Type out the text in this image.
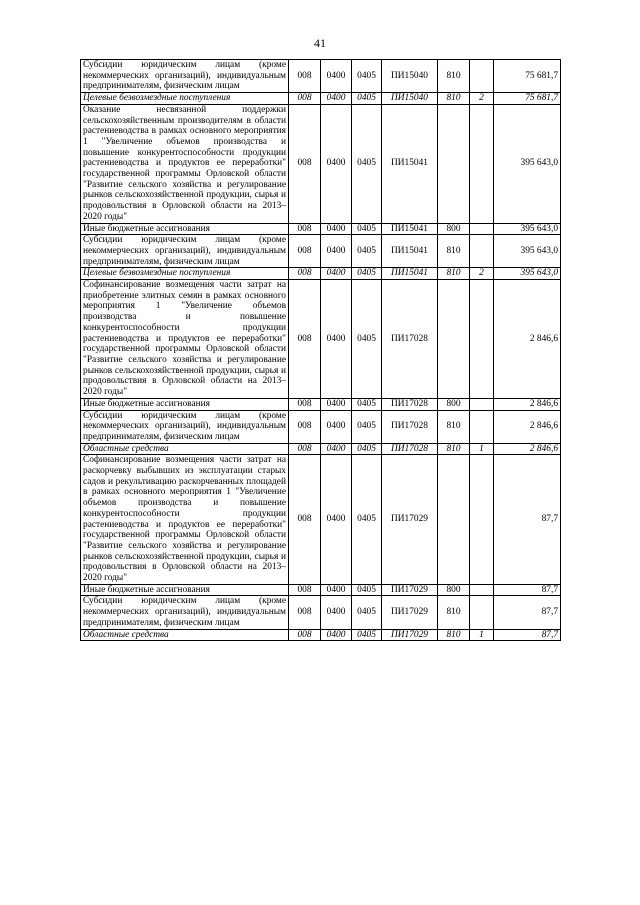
41
Субсидии юридическим лицам (кроме некоммерческих организаций), индивидуальным предпринимателям, физическим лицам	008	0400	0405	ПИ15040	810		75 681,7
Целевые безвозмездные поступления	008	0400	0405	ПИ15040	810	2	75 681,7
Оказание несвязанной поддержки сельскохозяйственным производителям в области растениеводства в рамках основного мероприятия 1 "Увеличение объемов производства и повышение конкурентоспособности продукции растениеводства и продуктов ее переработки" государственной программы Орловской области "Развитие сельского хозяйства и регулирование рынков сельскохозяйственной продукции, сырья и продовольствия в Орловской области на 2013–2020 годы"	008	0400	0405	ПИ15041			395 643,0
Иные бюджетные ассигнования	008	0400	0405	ПИ15041	800		395 643,0
Субсидии юридическим лицам (кроме некоммерческих организаций), индивидуальным предпринимателям, физическим лицам	008	0400	0405	ПИ15041	810		395 643,0
Целевые безвозмездные поступления	008	0400	0405	ПИ15041	810	2	395 643,0
Софинансирование возмещения части затрат на приобретение элитных семян в рамках основного мероприятия 1 "Увеличение объемов производства и повышение конкурентоспособности продукции растениеводства и продуктов ее переработки" государственной программы Орловской области "Развитие сельского хозяйства и регулирование рынков сельскохозяйственной продукции, сырья и продовольствия в Орловской области на 2013–2020 годы"	008	0400	0405	ПИ17028			2 846,6
Иные бюджетные ассигнования	008	0400	0405	ПИ17028	800		2 846,6
Субсидии юридическим лицам (кроме некоммерческих организаций), индивидуальным предпринимателям, физическим лицам	008	0400	0405	ПИ17028	810		2 846,6
Областные средства	008	0400	0405	ПИ17028	810	1	2 846,6
Софинансирование возмещения части затрат на раскорчевку выбывших из эксплуатации старых садов и рекультивацию раскорчеванных площадей в рамках основного мероприятия 1 "Увеличение объемов производства и повышение конкурентоспособности продукции растениеводства и продуктов ее переработки" государственной программы Орловской области "Развитие сельского хозяйства и регулирование рынков сельскохозяйственной продукции, сырья и продовольствия в Орловской области на 2013–2020 годы"	008	0400	0405	ПИ17029			87,7
Иные бюджетные ассигнования	008	0400	0405	ПИ17029	800		87,7
Субсидии юридическим лицам (кроме некоммерческих организаций), индивидуальным предпринимателям, физическим лицам	008	0400	0405	ПИ17029	810		87,7
Областные средства	008	0400	0405	ПИ17029	810	1	87,7
